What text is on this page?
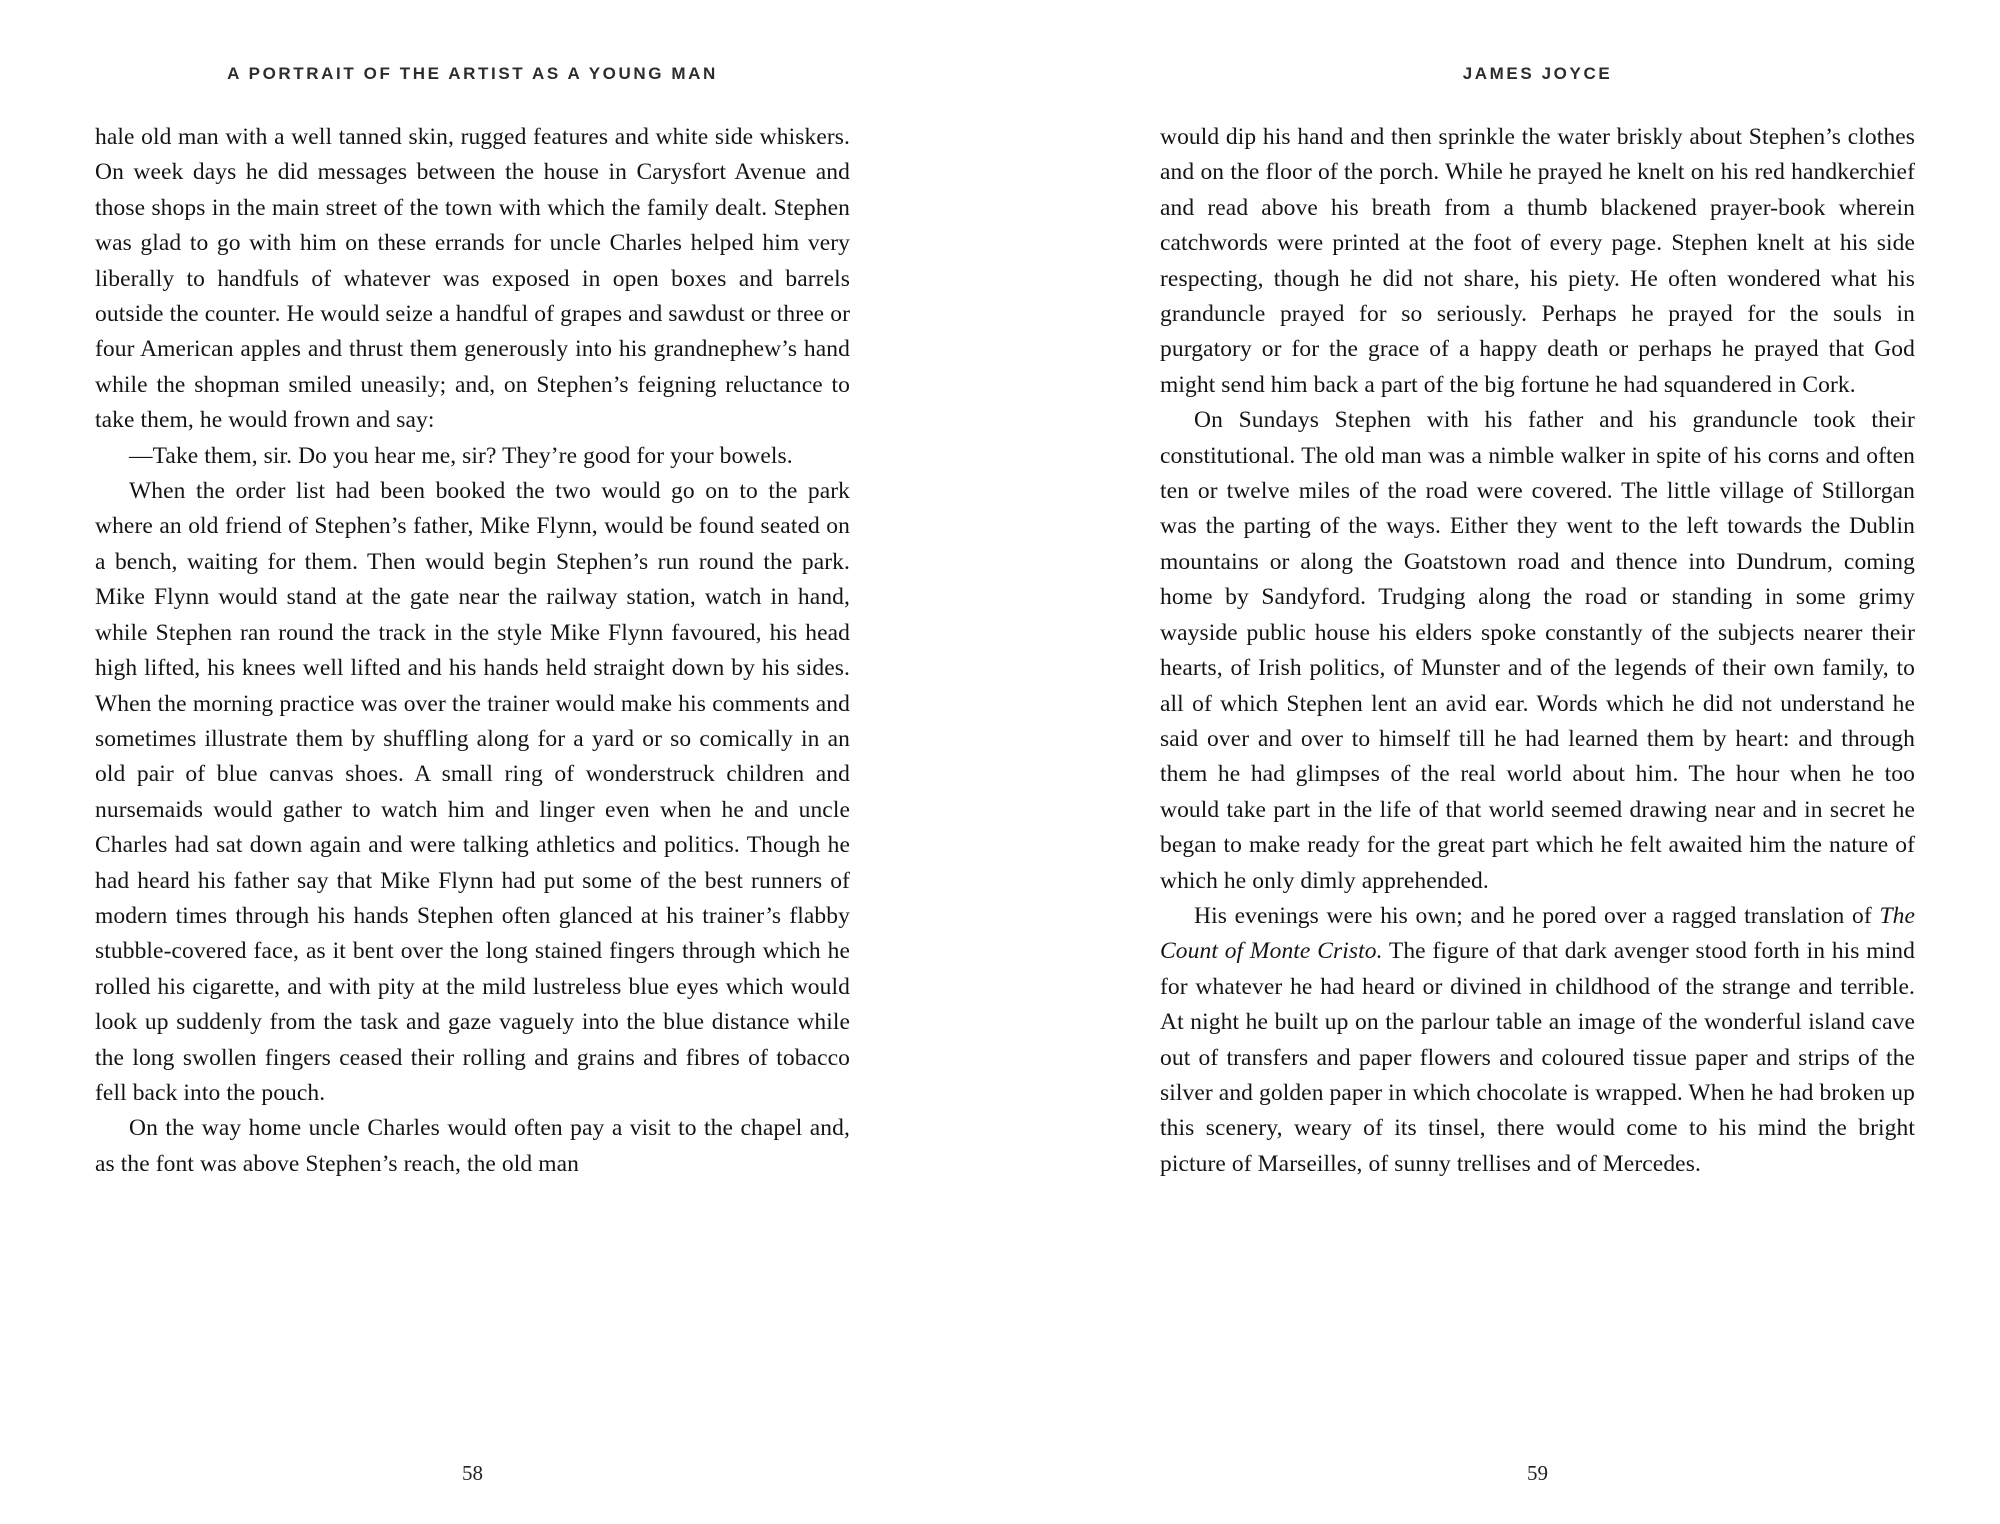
A PORTRAIT OF THE ARTIST AS A YOUNG MAN

hale old man with a well tanned skin, rugged features and white side whiskers. On week days he did messages between the house in Carysfort Avenue and those shops in the main street of the town with which the family dealt. Stephen was glad to go with him on these errands for uncle Charles helped him very liberally to handfuls of whatever was exposed in open boxes and barrels outside the counter. He would seize a handful of grapes and sawdust or three or four American apples and thrust them generously into his grandnephew’s hand while the shopman smiled uneasily; and, on Stephen’s feigning reluctance to take them, he would frown and say:

—Take them, sir. Do you hear me, sir? They’re good for your bowels.

When the order list had been booked the two would go on to the park where an old friend of Stephen’s father, Mike Flynn, would be found seated on a bench, waiting for them. Then would begin Stephen’s run round the park. Mike Flynn would stand at the gate near the railway station, watch in hand, while Stephen ran round the track in the style Mike Flynn favoured, his head high lifted, his knees well lifted and his hands held straight down by his sides. When the morning practice was over the trainer would make his comments and sometimes illustrate them by shuffling along for a yard or so comically in an old pair of blue canvas shoes. A small ring of wonderstruck children and nursemaids would gather to watch him and linger even when he and uncle Charles had sat down again and were talking athletics and politics. Though he had heard his father say that Mike Flynn had put some of the best runners of modern times through his hands Stephen often glanced at his trainer’s flabby stubble-covered face, as it bent over the long stained fingers through which he rolled his cigarette, and with pity at the mild lustreless blue eyes which would look up suddenly from the task and gaze vaguely into the blue distance while the long swollen fingers ceased their rolling and grains and fibres of tobacco fell back into the pouch.

On the way home uncle Charles would often pay a visit to the chapel and, as the font was above Stephen’s reach, the old man

58
JAMES JOYCE

would dip his hand and then sprinkle the water briskly about Stephen’s clothes and on the floor of the porch. While he prayed he knelt on his red handkerchief and read above his breath from a thumb blackened prayer-book wherein catchwords were printed at the foot of every page. Stephen knelt at his side respecting, though he did not share, his piety. He often wondered what his granduncle prayed for so seriously. Perhaps he prayed for the souls in purgatory or for the grace of a happy death or perhaps he prayed that God might send him back a part of the big fortune he had squandered in Cork.

On Sundays Stephen with his father and his granduncle took their constitutional. The old man was a nimble walker in spite of his corns and often ten or twelve miles of the road were covered. The little village of Stillorgan was the parting of the ways. Either they went to the left towards the Dublin mountains or along the Goatstown road and thence into Dundrum, coming home by Sandyford. Trudging along the road or standing in some grimy wayside public house his elders spoke constantly of the subjects nearer their hearts, of Irish politics, of Munster and of the legends of their own family, to all of which Stephen lent an avid ear. Words which he did not understand he said over and over to himself till he had learned them by heart: and through them he had glimpses of the real world about him. The hour when he too would take part in the life of that world seemed drawing near and in secret he began to make ready for the great part which he felt awaited him the nature of which he only dimly apprehended.

His evenings were his own; and he pored over a ragged translation of The Count of Monte Cristo. The figure of that dark avenger stood forth in his mind for whatever he had heard or divined in childhood of the strange and terrible. At night he built up on the parlour table an image of the wonderful island cave out of transfers and paper flowers and coloured tissue paper and strips of the silver and golden paper in which chocolate is wrapped. When he had broken up this scenery, weary of its tinsel, there would come to his mind the bright picture of Marseilles, of sunny trellises and of Mercedes.

59
